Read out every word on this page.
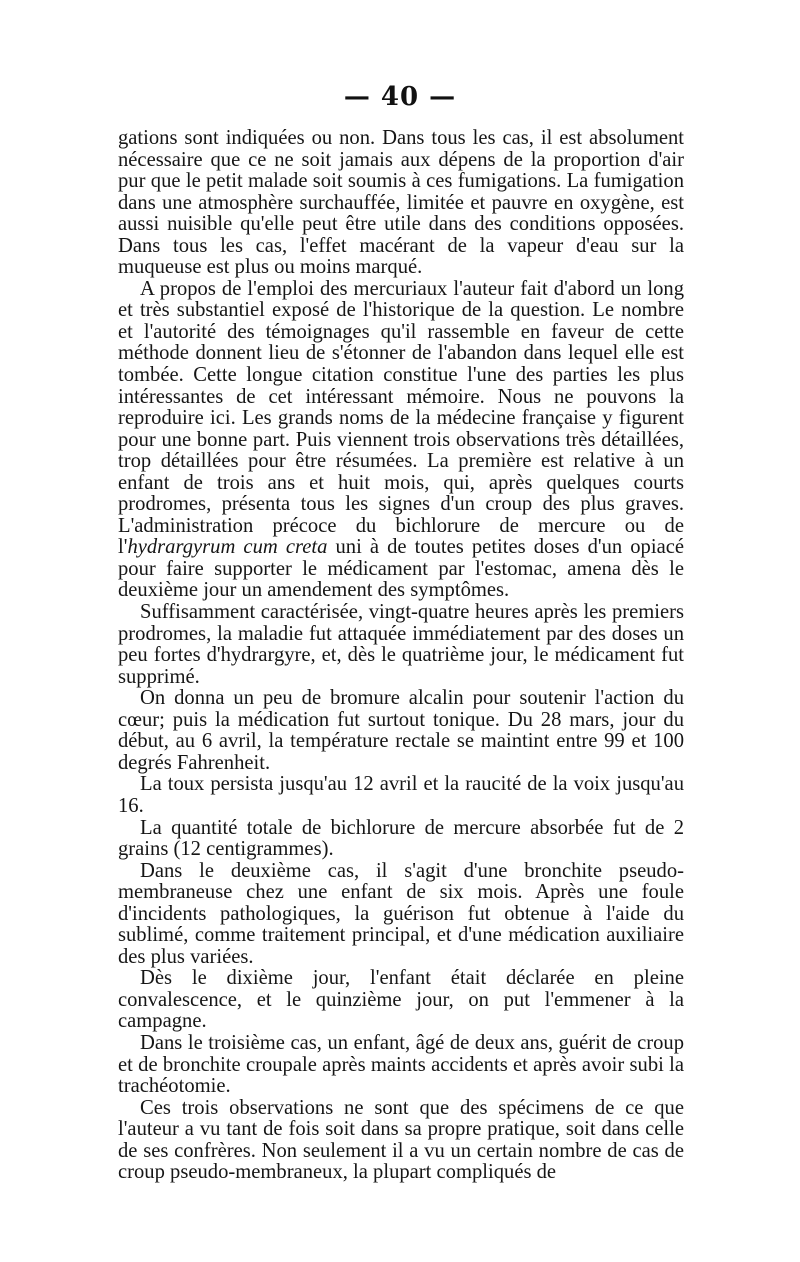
— 40 —

gations sont indiquées ou non. Dans tous les cas, il est absolument nécessaire que ce ne soit jamais aux dépens de la proportion d'air pur que le petit malade soit soumis à ces fumigations. La fumigation dans une atmosphère surchauffée, limitée et pauvre en oxygène, est aussi nuisible qu'elle peut être utile dans des conditions opposées. Dans tous les cas, l'effet macérant de la vapeur d'eau sur la muqueuse est plus ou moins marqué.

A propos de l'emploi des mercuriaux l'auteur fait d'abord un long et très substantiel exposé de l'historique de la question. Le nombre et l'autorité des témoignages qu'il rassemble en faveur de cette méthode donnent lieu de s'étonner de l'abandon dans lequel elle est tombée. Cette longue citation constitue l'une des parties les plus intéressantes de cet intéressant mémoire. Nous ne pouvons la reproduire ici. Les grands noms de la médecine française y figurent pour une bonne part. Puis viennent trois observations très détaillées, trop détaillées pour être résumées. La première est relative à un enfant de trois ans et huit mois, qui, après quelques courts prodromes, présenta tous les signes d'un croup des plus graves. L'administration précoce du bichlorure de mercure ou de l'hydrargyrum cum creta uni à de toutes petites doses d'un opiacé pour faire supporter le médicament par l'estomac, amena dès le deuxième jour un amendement des symptômes.

Suffisamment caractérisée, vingt-quatre heures après les premiers prodromes, la maladie fut attaquée immédiatement par des doses un peu fortes d'hydrargyre, et, dès le quatrième jour, le médicament fut supprimé.

On donna un peu de bromure alcalin pour soutenir l'action du cœur; puis la médication fut surtout tonique. Du 28 mars, jour du début, au 6 avril, la température rectale se maintint entre 99 et 100 degrés Fahrenheit.

La toux persista jusqu'au 12 avril et la raucité de la voix jusqu'au 16.

La quantité totale de bichlorure de mercure absorbée fut de 2 grains (12 centigrammes).

Dans le deuxième cas, il s'agit d'une bronchite pseudo-membraneuse chez une enfant de six mois. Après une foule d'incidents pathologiques, la guérison fut obtenue à l'aide du sublimé, comme traitement principal, et d'une médication auxiliaire des plus variées.

Dès le dixième jour, l'enfant était déclarée en pleine convalescence, et le quinzième jour, on put l'emmener à la campagne.

Dans le troisième cas, un enfant, âgé de deux ans, guérit de croup et de bronchite croupale après maints accidents et après avoir subi la trachéotomie.

Ces trois observations ne sont que des spécimens de ce que l'auteur a vu tant de fois soit dans sa propre pratique, soit dans celle de ses confrères. Non seulement il a vu un certain nombre de cas de croup pseudo-membraneux, la plupart compliqués de
